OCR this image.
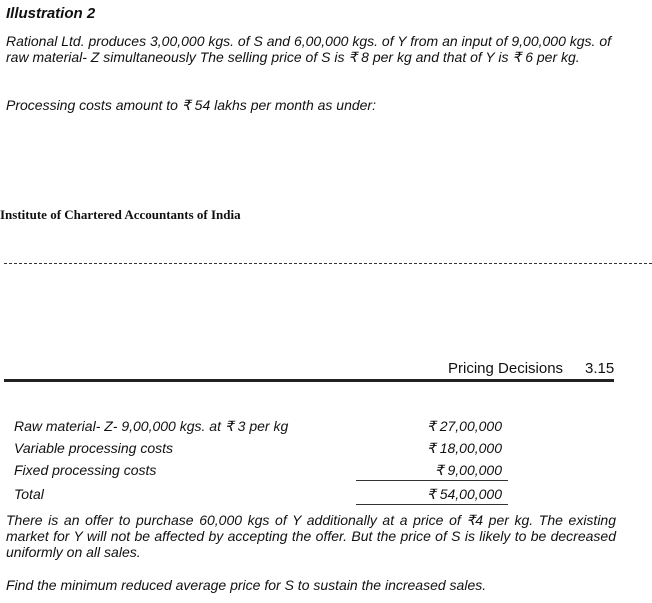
Illustration 2
Rational Ltd. produces 3,00,000 kgs. of S and 6,00,000 kgs. of Y from an input of 9,00,000 kgs. of raw material- Z simultaneously The selling price of S is ₹ 8 per kg and that of Y is ₹ 6 per kg.
Processing costs amount to ₹ 54 lakhs per month as under:
Institute of Chartered Accountants of India
Pricing Decisions 3.15
Raw material- Z- 9,00,000 kgs. at ₹ 3 per kg	₹ 27,00,000
Variable processing costs	₹ 18,00,000
Fixed processing costs	₹ 9,00,000
Total	₹ 54,00,000
There is an offer to purchase 60,000 kgs of Y additionally at a price of ₹4 per kg. The existing market for Y will not be affected by accepting the offer. But the price of S is likely to be decreased uniformly on all sales.
Find the minimum reduced average price for S to sustain the increased sales.
